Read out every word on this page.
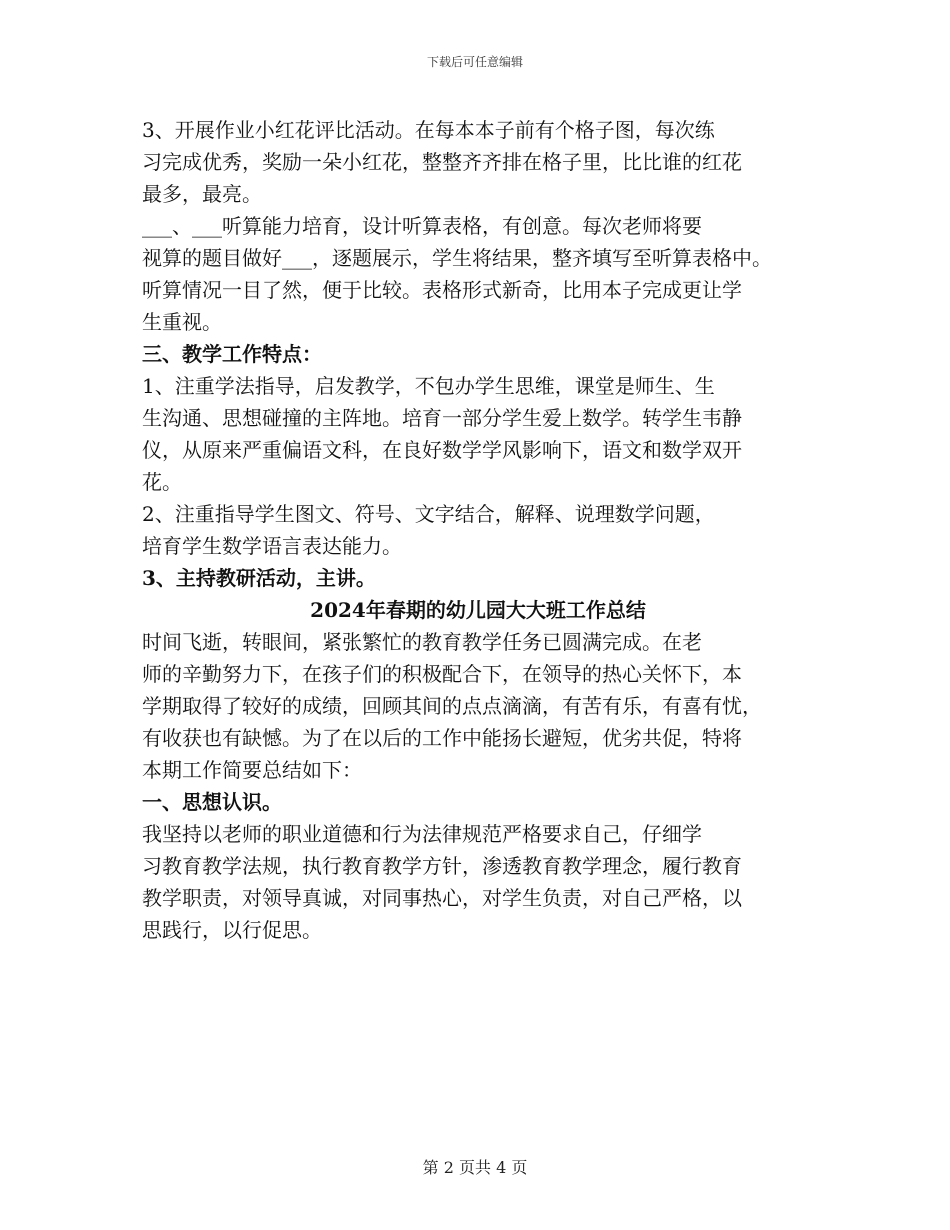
下载后可任意编辑

3、开展作业小红花评比活动。在每本本子前有个格子图，每次练

习完成优秀，奖励一朵小红花，整整齐齐排在格子里，比比谁的红花

最多，最亮。

___、___听算能力培育，设计听算表格，有创意。每次老师将要

视算的题目做好___，逐题展示，学生将结果，整齐填写至听算表格中。

听算情况一目了然，便于比较。表格形式新奇，比用本子完成更让学

生重视。

三、教学工作特点：

1、注重学法指导，启发教学，不包办学生思维，课堂是师生、生

生沟通、思想碰撞的主阵地。培育一部分学生爱上数学。转学生韦静

仪，从原来严重偏语文科，在良好数学学风影响下，语文和数学双开

花。

2、注重指导学生图文、符号、文字结合，解释、说理数学问题，

培育学生数学语言表达能力。

3、主持教研活动，主讲。

2024年春期的幼儿园大大班工作总结

时间飞逝，转眼间，紧张繁忙的教育教学任务已圆满完成。在老

师的辛勤努力下，在孩子们的积极配合下，在领导的热心关怀下，本

学期取得了较好的成绩，回顾其间的点点滴滴，有苦有乐，有喜有忧，

有收获也有缺憾。为了在以后的工作中能扬长避短，优劣共促，特将

本期工作简要总结如下：

一、思想认识。

我坚持以老师的职业道德和行为法律规范严格要求自己，仔细学

习教育教学法规，执行教育教学方针，渗透教育教学理念，履行教育

教学职责，对领导真诚，对同事热心，对学生负责，对自己严格，以

思践行，以行促思。

第 2 页共 4 页
